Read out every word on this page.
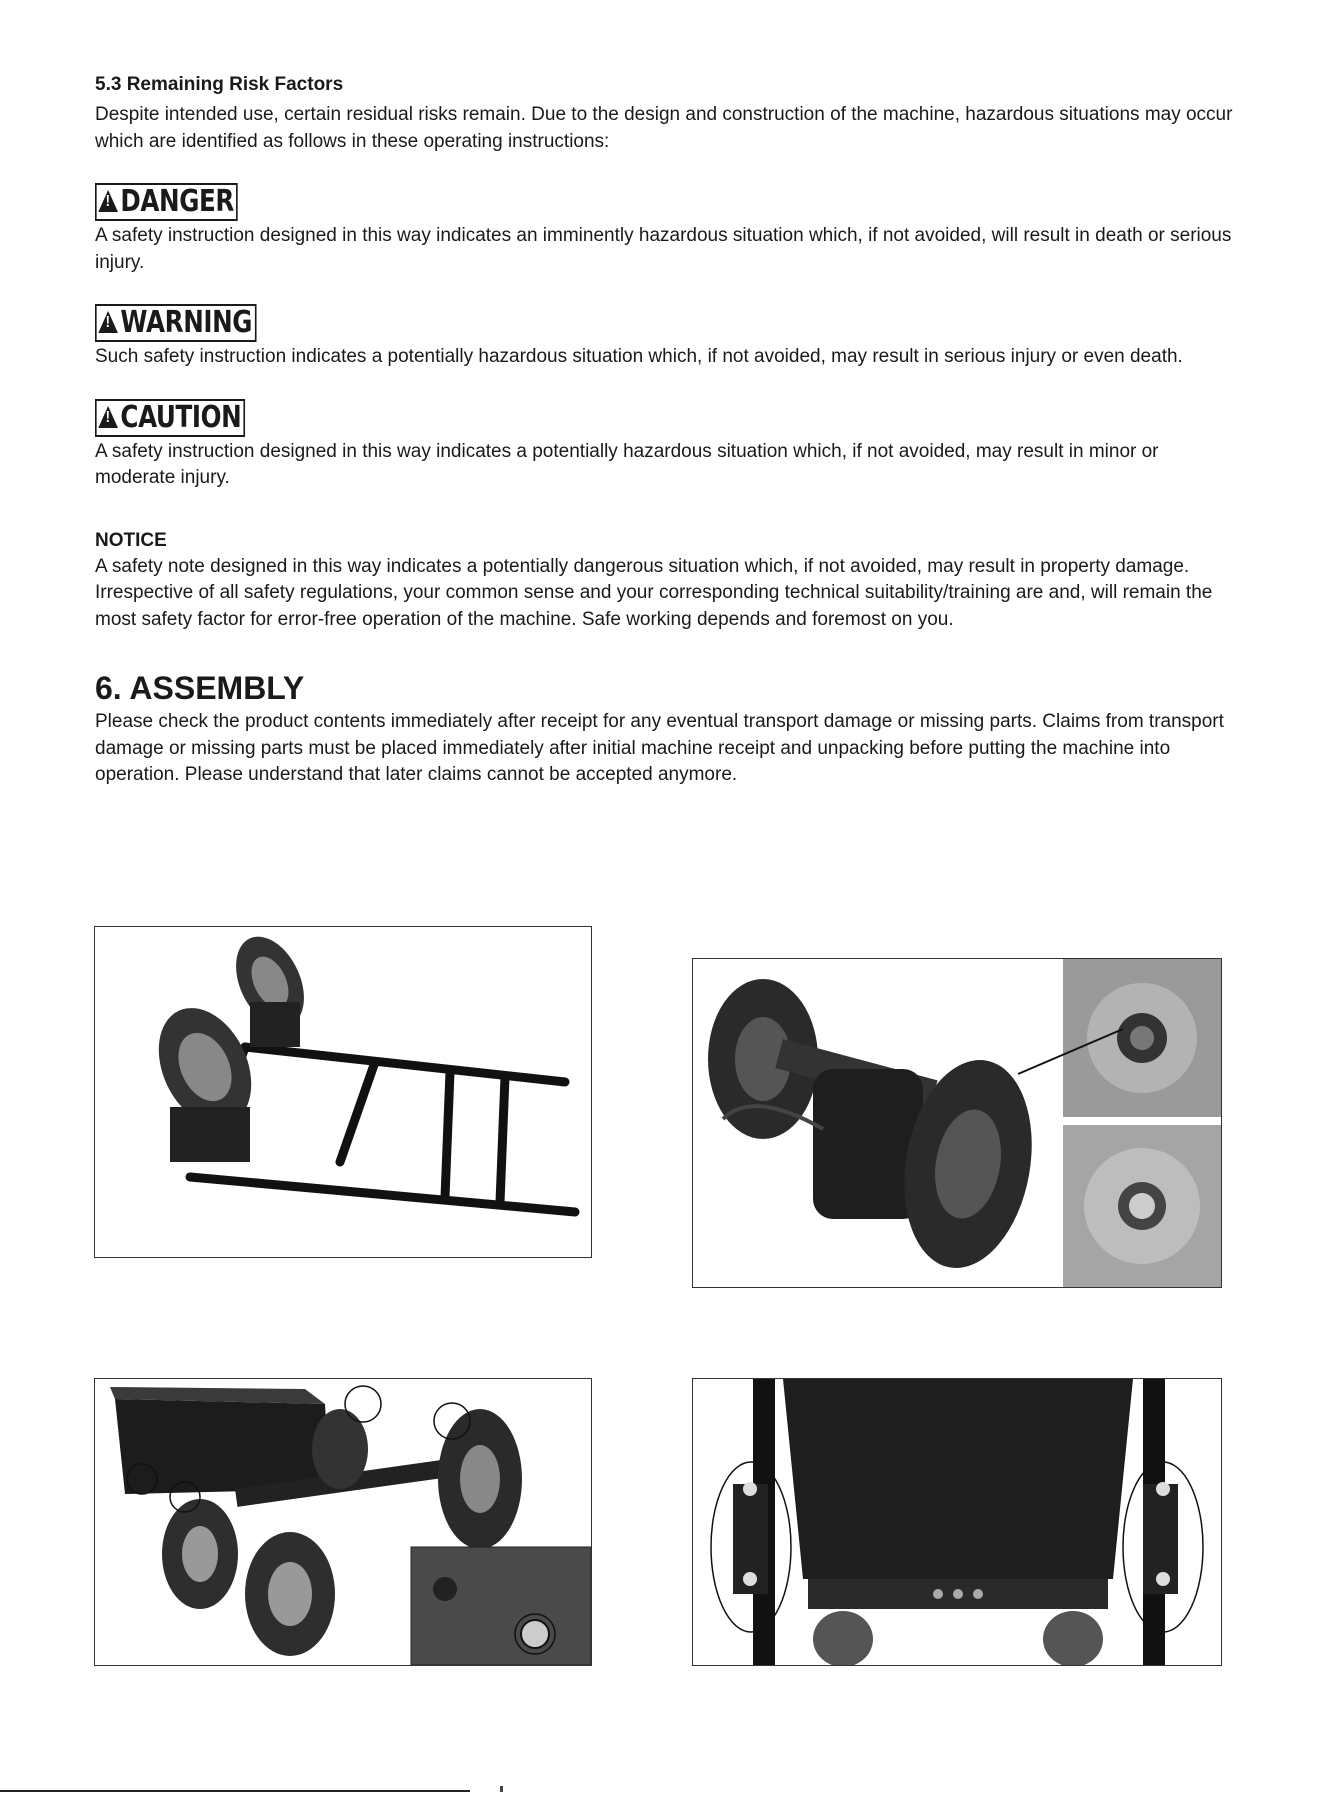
5.3 Remaining Risk Factors

Despite intended use, certain residual risks remain. Due to the design and construction of the machine, hazardous situations may occur which are identified as follows in these operating instructions:

!DANGER

A safety instruction designed in this way indicates an imminently hazardous situation which, if not avoided, will result in death or serious injury.

!WARNING

Such safety instruction indicates a potentially hazardous situation which, if not avoided, may result in serious injury or even death.

!CAUTION

A safety instruction designed in this way indicates a potentially hazardous situation which, if not avoided, may result in minor or moderate injury.

NOTICE

A safety note designed in this way indicates a potentially dangerous situation which, if not avoided, may result in property damage.

Irrespective of all safety regulations, your common sense and your corresponding technical suitability/training are and, will remain the most safety factor for error-free operation of the machine. Safe working depends and foremost on you.

6. ASSEMBLY

Please check the product contents immediately after receipt for any eventual transport damage or missing parts. Claims from transport damage or missing parts must be placed immediately after initial machine receipt and unpacking before putting the machine into operation. Please understand that later claims cannot be accepted anymore.
